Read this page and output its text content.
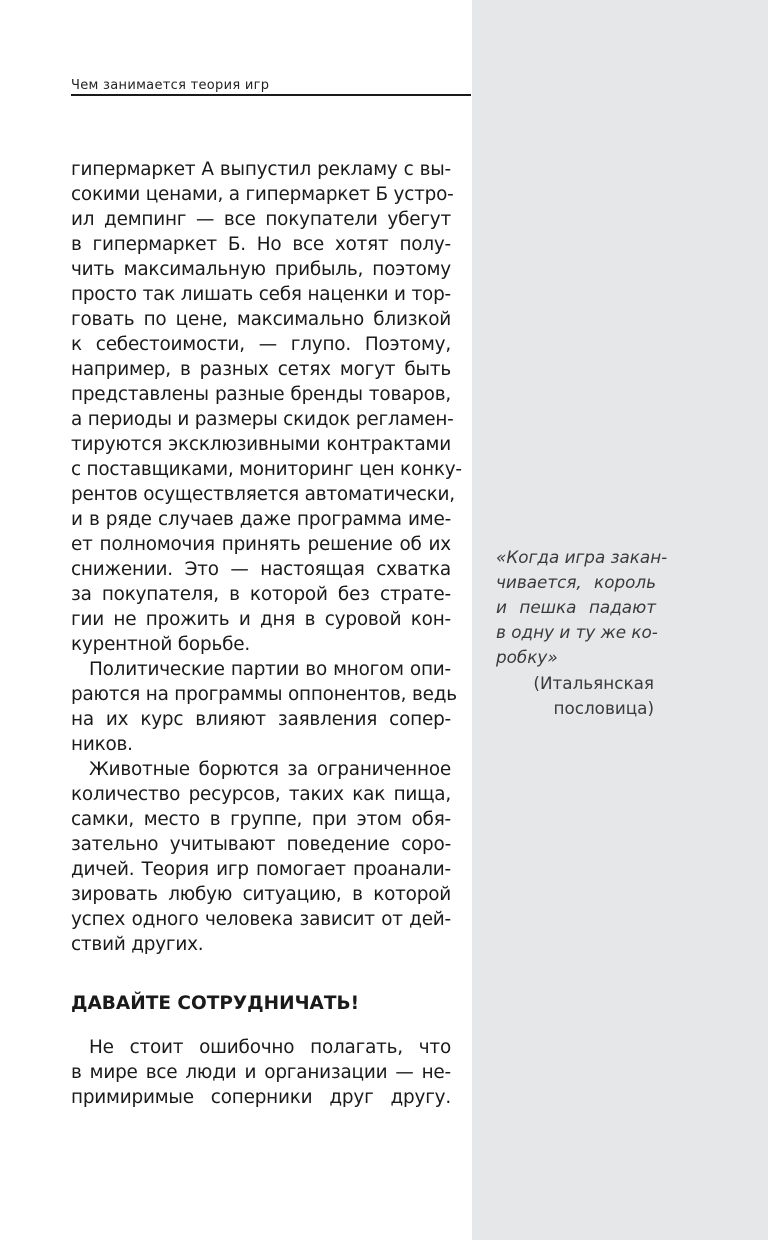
Чем занимается теория игр
гипермаркет А выпустил рекламу с вы-
сокими ценами, а гипермаркет Б устро-
ил демпинг — все покупатели убегут
в гипермаркет Б. Но все хотят полу-
чить максимальную прибыль, поэтому
просто так лишать себя наценки и тор-
говать по цене, максимально близкой
к себестоимости, — глупо. Поэтому,
например, в разных сетях могут быть
представлены разные бренды товаров,
а периоды и размеры скидок регламен-
тируются эксклюзивными контрактами
с поставщиками, мониторинг цен конку-
рентов осуществляется автоматически,
и в ряде случаев даже программа име-
ет полномочия принять решение об их
снижении. Это — настоящая схватка
за покупателя, в которой без страте-
гии не прожить и дня в суровой кон-
курентной борьбе.
Политические партии во многом опи-
раются на программы оппонентов, ведь
на их курс влияют заявления сопер-
ников.
Животные борются за ограниченное
количество ресурсов, таких как пища,
самки, место в группе, при этом обя-
зательно учитывают поведение соро-
дичей. Теория игр помогает проанали-
зировать любую ситуацию, в которой
успех одного человека зависит от дей-
ствий других.
ДАВАЙТЕ СОТРУДНИЧАТЬ!
Не стоит ошибочно полагать, что
в мире все люди и организации — не-
примиримые соперники друг другу.
«Когда игра закан-
чивается, король
и пешка падают
в одну и ту же ко-
робку»
(Итальянская
пословица)
